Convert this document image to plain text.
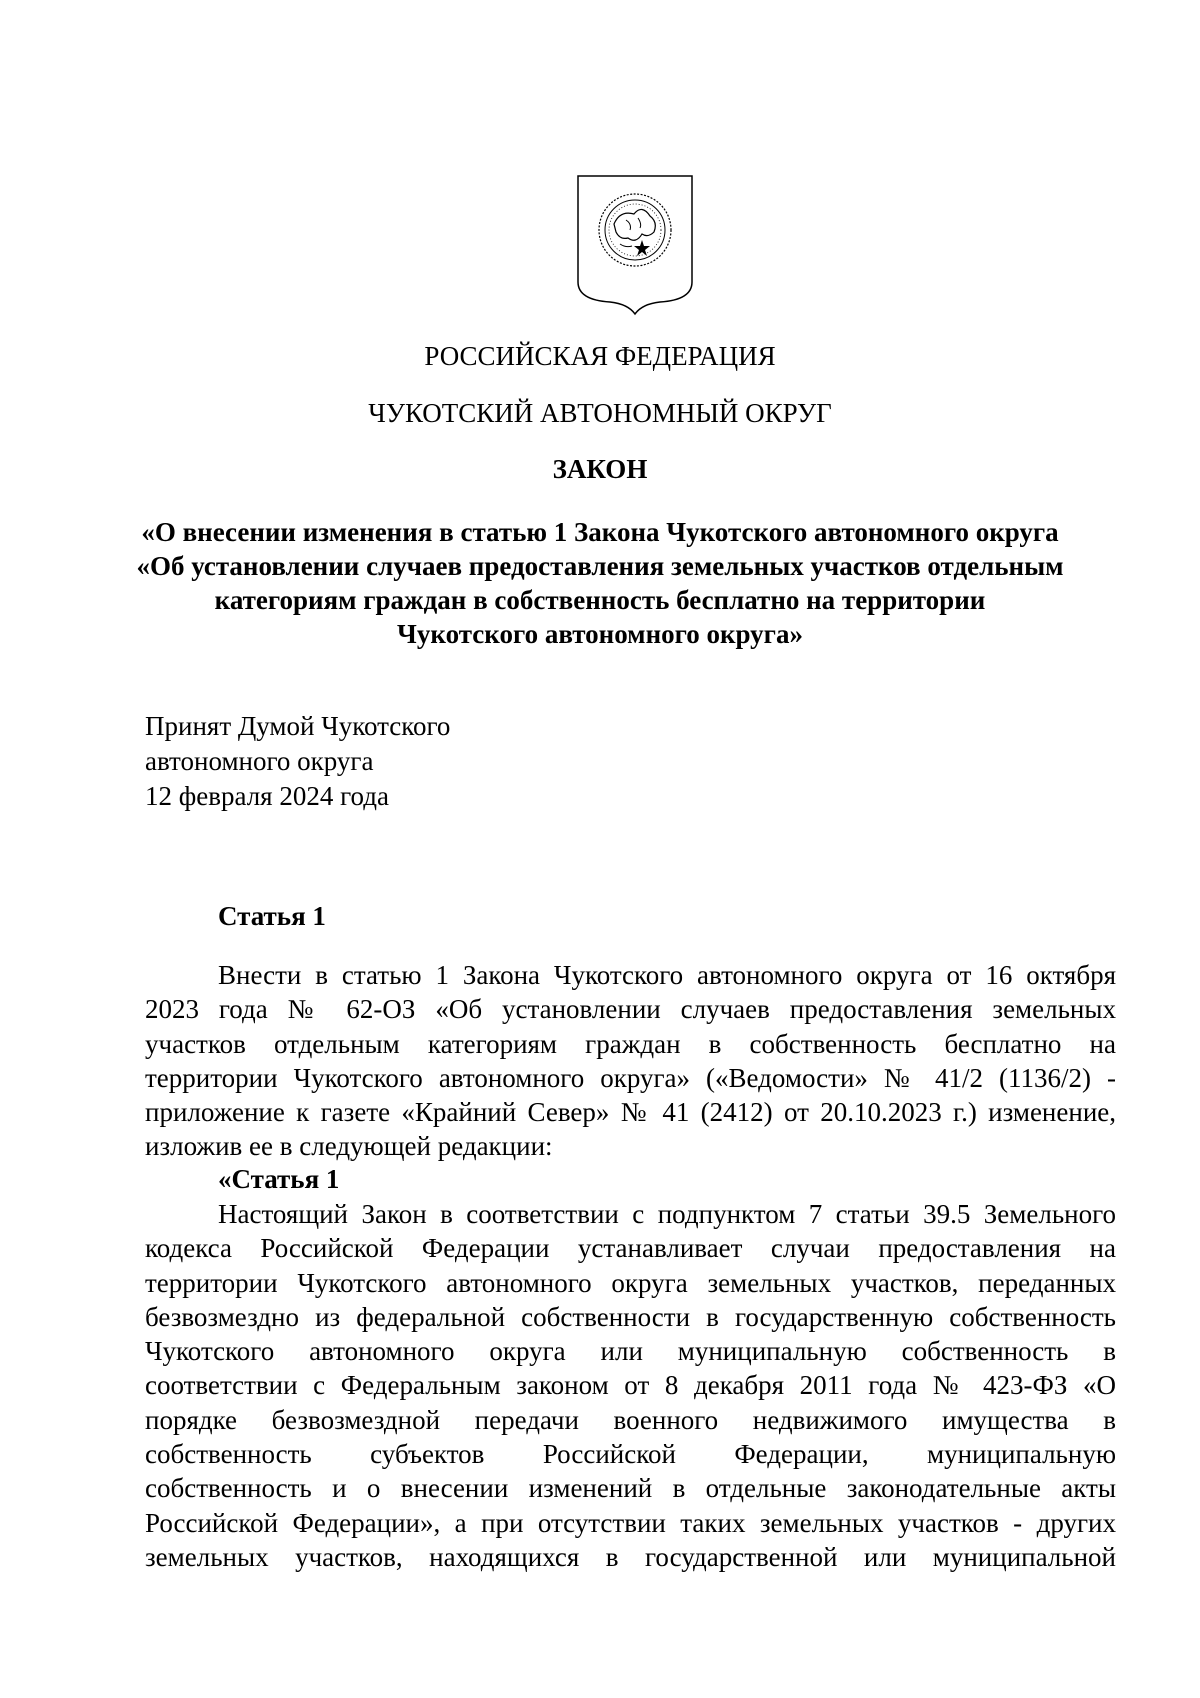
РОССИЙСКАЯ ФЕДЕРАЦИЯ
ЧУКОТСКИЙ АВТОНОМНЫЙ ОКРУГ
ЗАКОН
«О внесении изменения в статью 1 Закона Чукотского автономного округа
«Об установлении случаев предоставления земельных участков отдельным
категориям граждан в собственность бесплатно на территории
Чукотского автономного округа»
Принят Думой Чукотского
автономного округа
12 февраля 2024 года
Статья 1
Внести в статью 1 Закона Чукотского автономного округа от 16 октября
2023 года № 62-ОЗ «Об установлении случаев предоставления земельных
участков отдельным категориям граждан в собственность бесплатно на
территории Чукотского автономного округа» («Ведомости» № 41/2 (1136/2) -
приложение к газете «Крайний Север» № 41 (2412) от 20.10.2023 г.) изменение,
изложив ее в следующей редакции:
«Статья 1
Настоящий Закон в соответствии с подпунктом 7 статьи 39.5 Земельного
кодекса Российской Федерации устанавливает случаи предоставления на
территории Чукотского автономного округа земельных участков, переданных
безвозмездно из федеральной собственности в государственную собственность
Чукотского автономного округа или муниципальную собственность в
соответствии с Федеральным законом от 8 декабря 2011 года № 423-ФЗ «О
порядке безвозмездной передачи военного недвижимого имущества в
собственность субъектов Российской Федерации, муниципальную
собственность и о внесении изменений в отдельные законодательные акты
Российской Федерации», а при отсутствии таких земельных участков - других
земельных участков, находящихся в государственной или муниципальной
